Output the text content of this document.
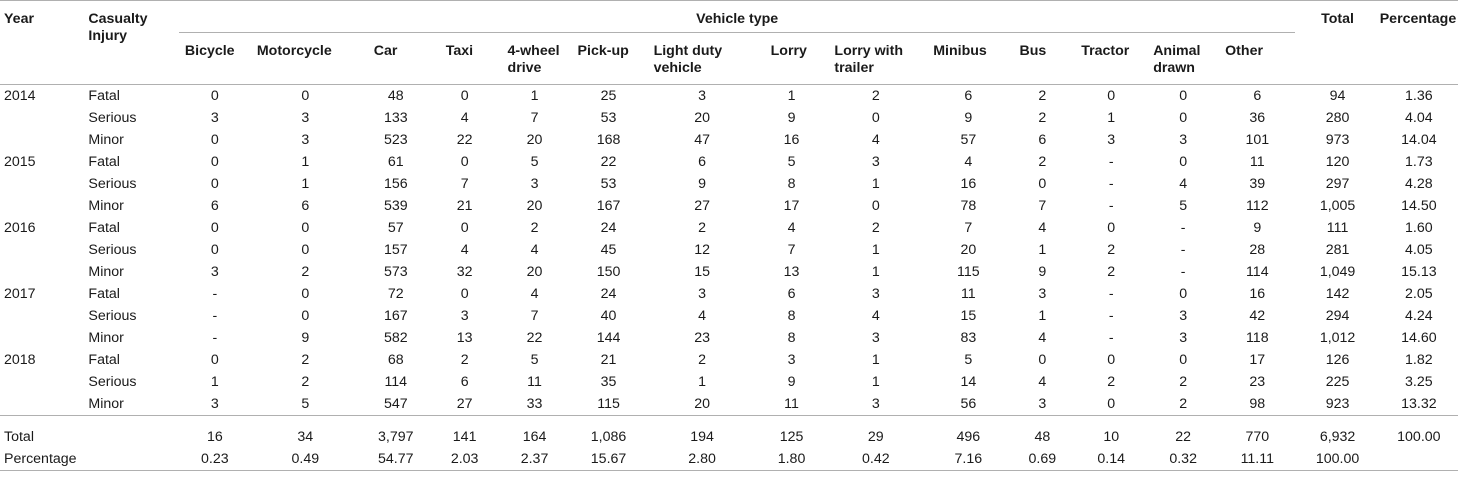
Year	Casualty Injury	Vehicle type														Total	Percentage
		Bicycle	Motorcycle	Car	Taxi	4-wheel drive	Pick-up	Light duty vehicle	Lorry	Lorry with trailer	Minibus	Bus	Tractor	Animal drawn	Other		
2014	Fatal	0	0	48	0	1	25	3	1	2	6	2	0	0	6	94	1.36
	Serious	3	3	133	4	7	53	20	9	0	9	2	1	0	36	280	4.04
	Minor	0	3	523	22	20	168	47	16	4	57	6	3	3	101	973	14.04
2015	Fatal	0	1	61	0	5	22	6	5	3	4	2	-	0	11	120	1.73
	Serious	0	1	156	7	3	53	9	8	1	16	0	-	4	39	297	4.28
	Minor	6	6	539	21	20	167	27	17	0	78	7	-	5	112	1,005	14.50
2016	Fatal	0	0	57	0	2	24	2	4	2	7	4	0	-	9	111	1.60
	Serious	0	0	157	4	4	45	12	7	1	20	1	2	-	28	281	4.05
	Minor	3	2	573	32	20	150	15	13	1	115	9	2	-	114	1,049	15.13
2017	Fatal	-	0	72	0	4	24	3	6	3	11	3	-	0	16	142	2.05
	Serious	-	0	167	3	7	40	4	8	4	15	1	-	3	42	294	4.24
	Minor	-	9	582	13	22	144	23	8	3	83	4	-	3	118	1,012	14.60
2018	Fatal	0	2	68	2	5	21	2	3	1	5	0	0	0	17	126	1.82
	Serious	1	2	114	6	11	35	1	9	1	14	4	2	2	23	225	3.25
	Minor	3	5	547	27	33	115	20	11	3	56	3	0	2	98	923	13.32

Total		16	34	3,797	141	164	1,086	194	125	29	496	48	10	22	770	6,932	100.00
Percentage		0.23	0.49	54.77	2.03	2.37	15.67	2.80	1.80	0.42	7.16	0.69	0.14	0.32	11.11	100.00	
